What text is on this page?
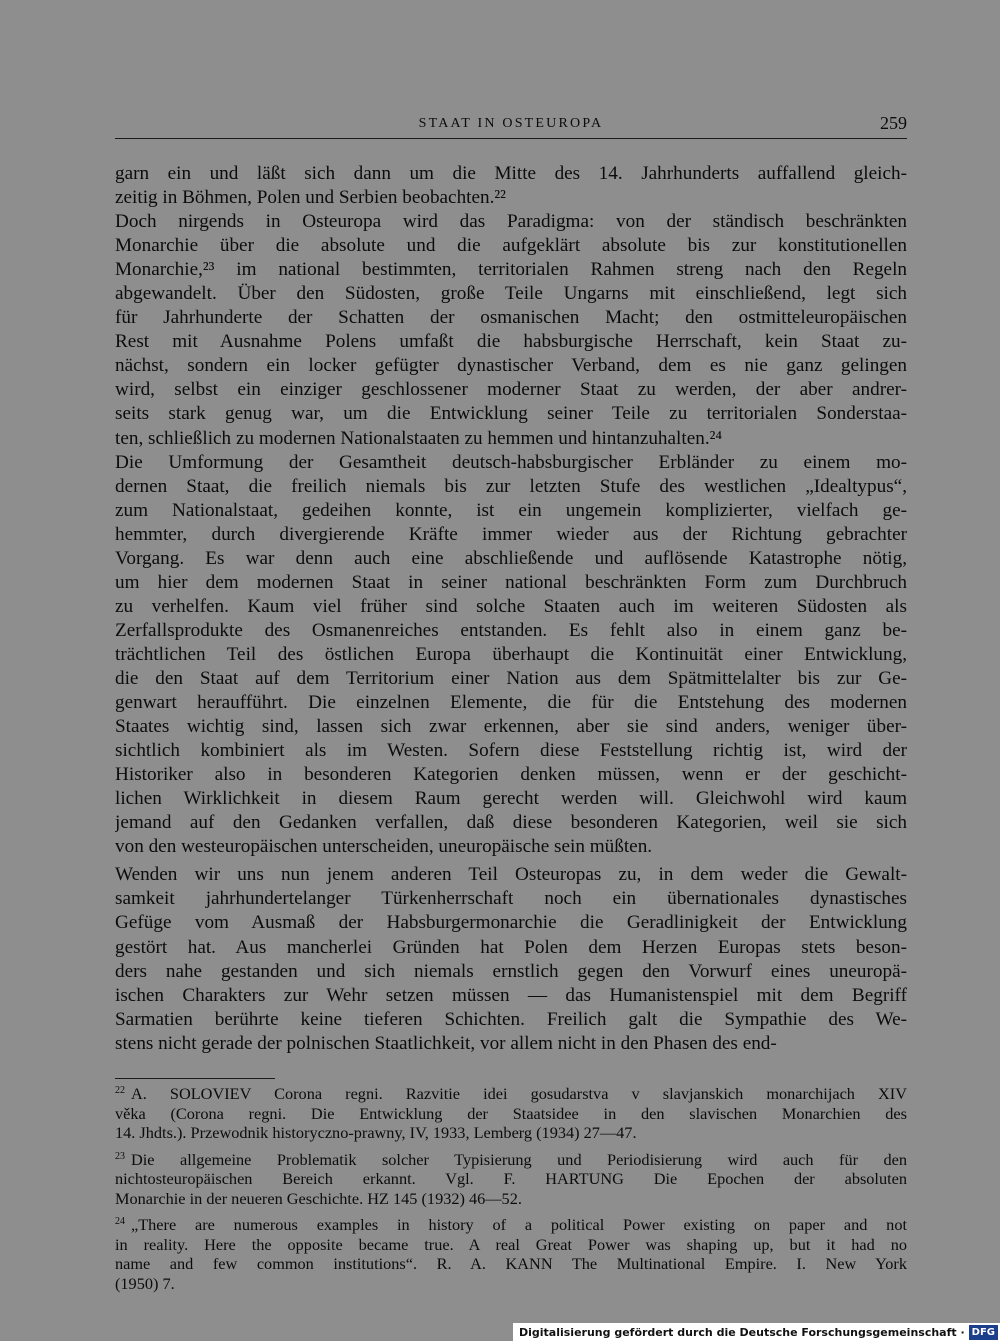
STAAT IN OSTEUROPA	259

garn ein und läßt sich dann um die Mitte des 14. Jahrhunderts auffallend gleich-
zeitig in Böhmen, Polen und Serbien beobachten.²²

Doch nirgends in Osteuropa wird das Paradigma: von der ständisch beschränkten
Monarchie über die absolute und die aufgeklärt absolute bis zur konstitutionellen
Monarchie,²³ im national bestimmten, territorialen Rahmen streng nach den Regeln
abgewandelt. Über den Südosten, große Teile Ungarns mit einschließend, legt sich
für Jahrhunderte der Schatten der osmanischen Macht; den ostmitteleuropäischen
Rest mit Ausnahme Polens umfaßt die habsburgische Herrschaft, kein Staat zu-
nächst, sondern ein locker gefügter dynastischer Verband, dem es nie ganz gelingen
wird, selbst ein einziger geschlossener moderner Staat zu werden, der aber andrer-
seits stark genug war, um die Entwicklung seiner Teile zu territorialen Sonderstaa-
ten, schließlich zu modernen Nationalstaaten zu hemmen und hintanzuhalten.²⁴

Die Umformung der Gesamtheit deutsch-habsburgischer Erbländer zu einem mo-
dernen Staat, die freilich niemals bis zur letzten Stufe des westlichen „Idealtypus“,
zum Nationalstaat, gedeihen konnte, ist ein ungemein komplizierter, vielfach ge-
hemmter, durch divergierende Kräfte immer wieder aus der Richtung gebrachter
Vorgang. Es war denn auch eine abschließende und auflösende Katastrophe nötig,
um hier dem modernen Staat in seiner national beschränkten Form zum Durchbruch
zu verhelfen. Kaum viel früher sind solche Staaten auch im weiteren Südosten als
Zerfallsprodukte des Osmanenreiches entstanden. Es fehlt also in einem ganz be-
trächtlichen Teil des östlichen Europa überhaupt die Kontinuität einer Entwicklung,
die den Staat auf dem Territorium einer Nation aus dem Spätmittelalter bis zur Ge-
genwart heraufführt. Die einzelnen Elemente, die für die Entstehung des modernen
Staates wichtig sind, lassen sich zwar erkennen, aber sie sind anders, weniger über-
sichtlich kombiniert als im Westen. Sofern diese Feststellung richtig ist, wird der
Historiker also in besonderen Kategorien denken müssen, wenn er der geschicht-
lichen Wirklichkeit in diesem Raum gerecht werden will. Gleichwohl wird kaum
jemand auf den Gedanken verfallen, daß diese besonderen Kategorien, weil sie sich
von den westeuropäischen unterscheiden, uneuropäische sein müßten.

Wenden wir uns nun jenem anderen Teil Osteuropas zu, in dem weder die Gewalt-
samkeit jahrhundertelanger Türkenherrschaft noch ein übernationales dynastisches
Gefüge vom Ausmaß der Habsburgermonarchie die Geradlinigkeit der Entwicklung
gestört hat. Aus mancherlei Gründen hat Polen dem Herzen Europas stets beson-
ders nahe gestanden und sich niemals ernstlich gegen den Vorwurf eines uneuropä-
ischen Charakters zur Wehr setzen müssen — das Humanistenspiel mit dem Begriff
Sarmatien berührte keine tieferen Schichten. Freilich galt die Sympathie des We-
stens nicht gerade der polnischen Staatlichkeit, vor allem nicht in den Phasen des end-

$^{22}$ A. SOLOVIEV Corona regni. Razvitie idei gosudarstva v slavjanskich monarchijach XIV
věka (Corona regni. Die Entwicklung der Staatsidee in den slavischen Monarchien des
14. Jhdts.). Przewodnik historyczno-prawny, IV, 1933, Lemberg (1934) 27—47.
$^{23}$ Die allgemeine Problematik solcher Typisierung und Periodisierung wird auch für den
nichtosteuropäischen Bereich erkannt. Vgl. F. HARTUNG Die Epochen der absoluten
Monarchie in der neueren Geschichte. HZ 145 (1932) 46—52.
$^{24}$ „There are numerous examples in history of a political Power existing on paper and not
in reality. Here the opposite became true. A real Great Power was shaping up, but it had no
name and few common institutions“. R. A. KANN The Multinational Empire. I. New York
(1950) 7.
Digitalisierung gefördert durch die Deutsche Forschungsgemeinschaft · DFG
